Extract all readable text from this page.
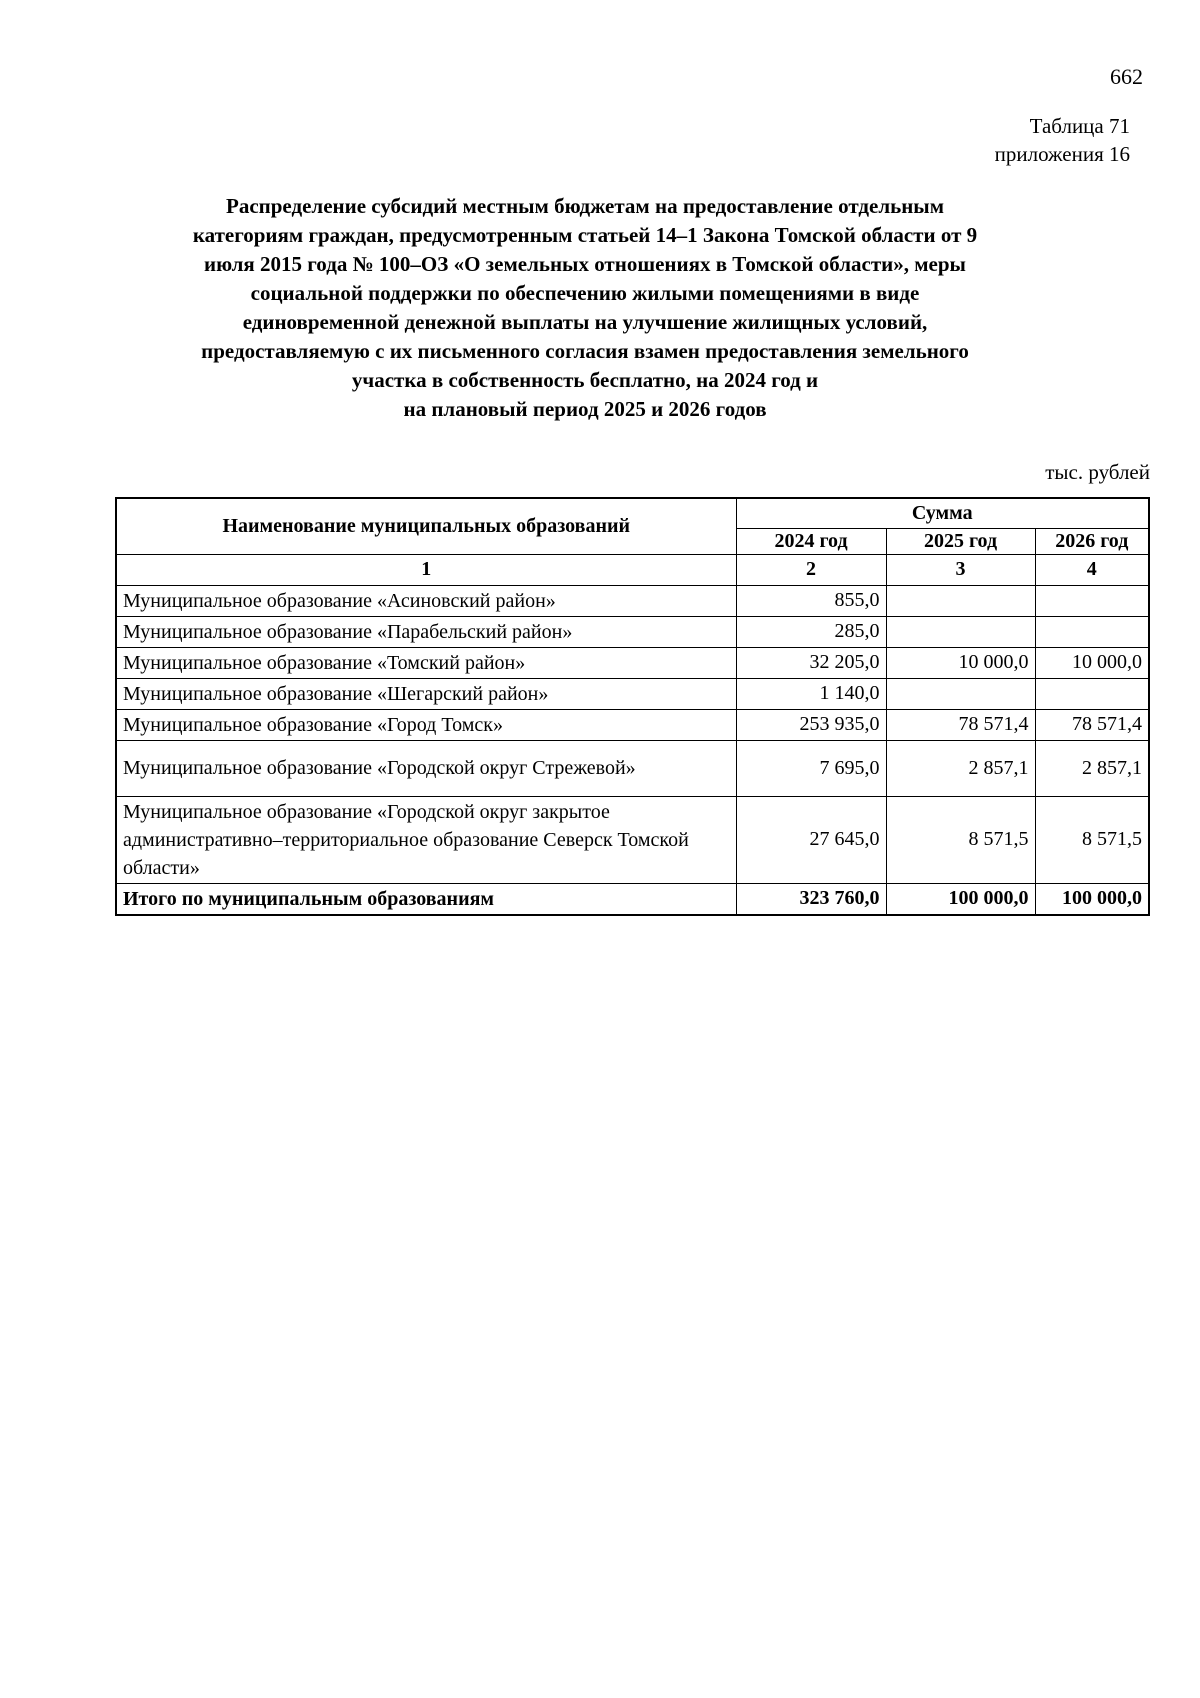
662
Таблица 71
приложения 16
Распределение субсидий местным бюджетам на предоставление отдельным
категориям граждан, предусмотренным статьей 14–1 Закона Томской области от 9
июля 2015 года № 100–ОЗ «О земельных отношениях в Томской области», меры
социальной поддержки по обеспечению жилыми помещениями в виде
единовременной денежной выплаты на улучшение жилищных условий,
предоставляемую с их письменного согласия взамен предоставления земельного
участка в собственность бесплатно, на 2024 год и
на плановый период 2025 и 2026 годов
тыс. рублей
Наименование муниципальных образований	Сумма		
	2024 год	2025 год	2026 год
1	2	3	4
Муниципальное образование «Асиновский район»	855,0		
Муниципальное образование «Парабельский район»	285,0		
Муниципальное образование «Томский район»	32 205,0	10 000,0	10 000,0
Муниципальное образование «Шегарский район»	1 140,0		
Муниципальное образование «Город Томск»	253 935,0	78 571,4	78 571,4
Муниципальное образование «Городской округ Стрежевой»	7 695,0	2 857,1	2 857,1
Муниципальное образование «Городской округ закрытое административно–территориальное образование Северск Томской области»	27 645,0	8 571,5	8 571,5
Итого по муниципальным образованиям	323 760,0	100 000,0	100 000,0
